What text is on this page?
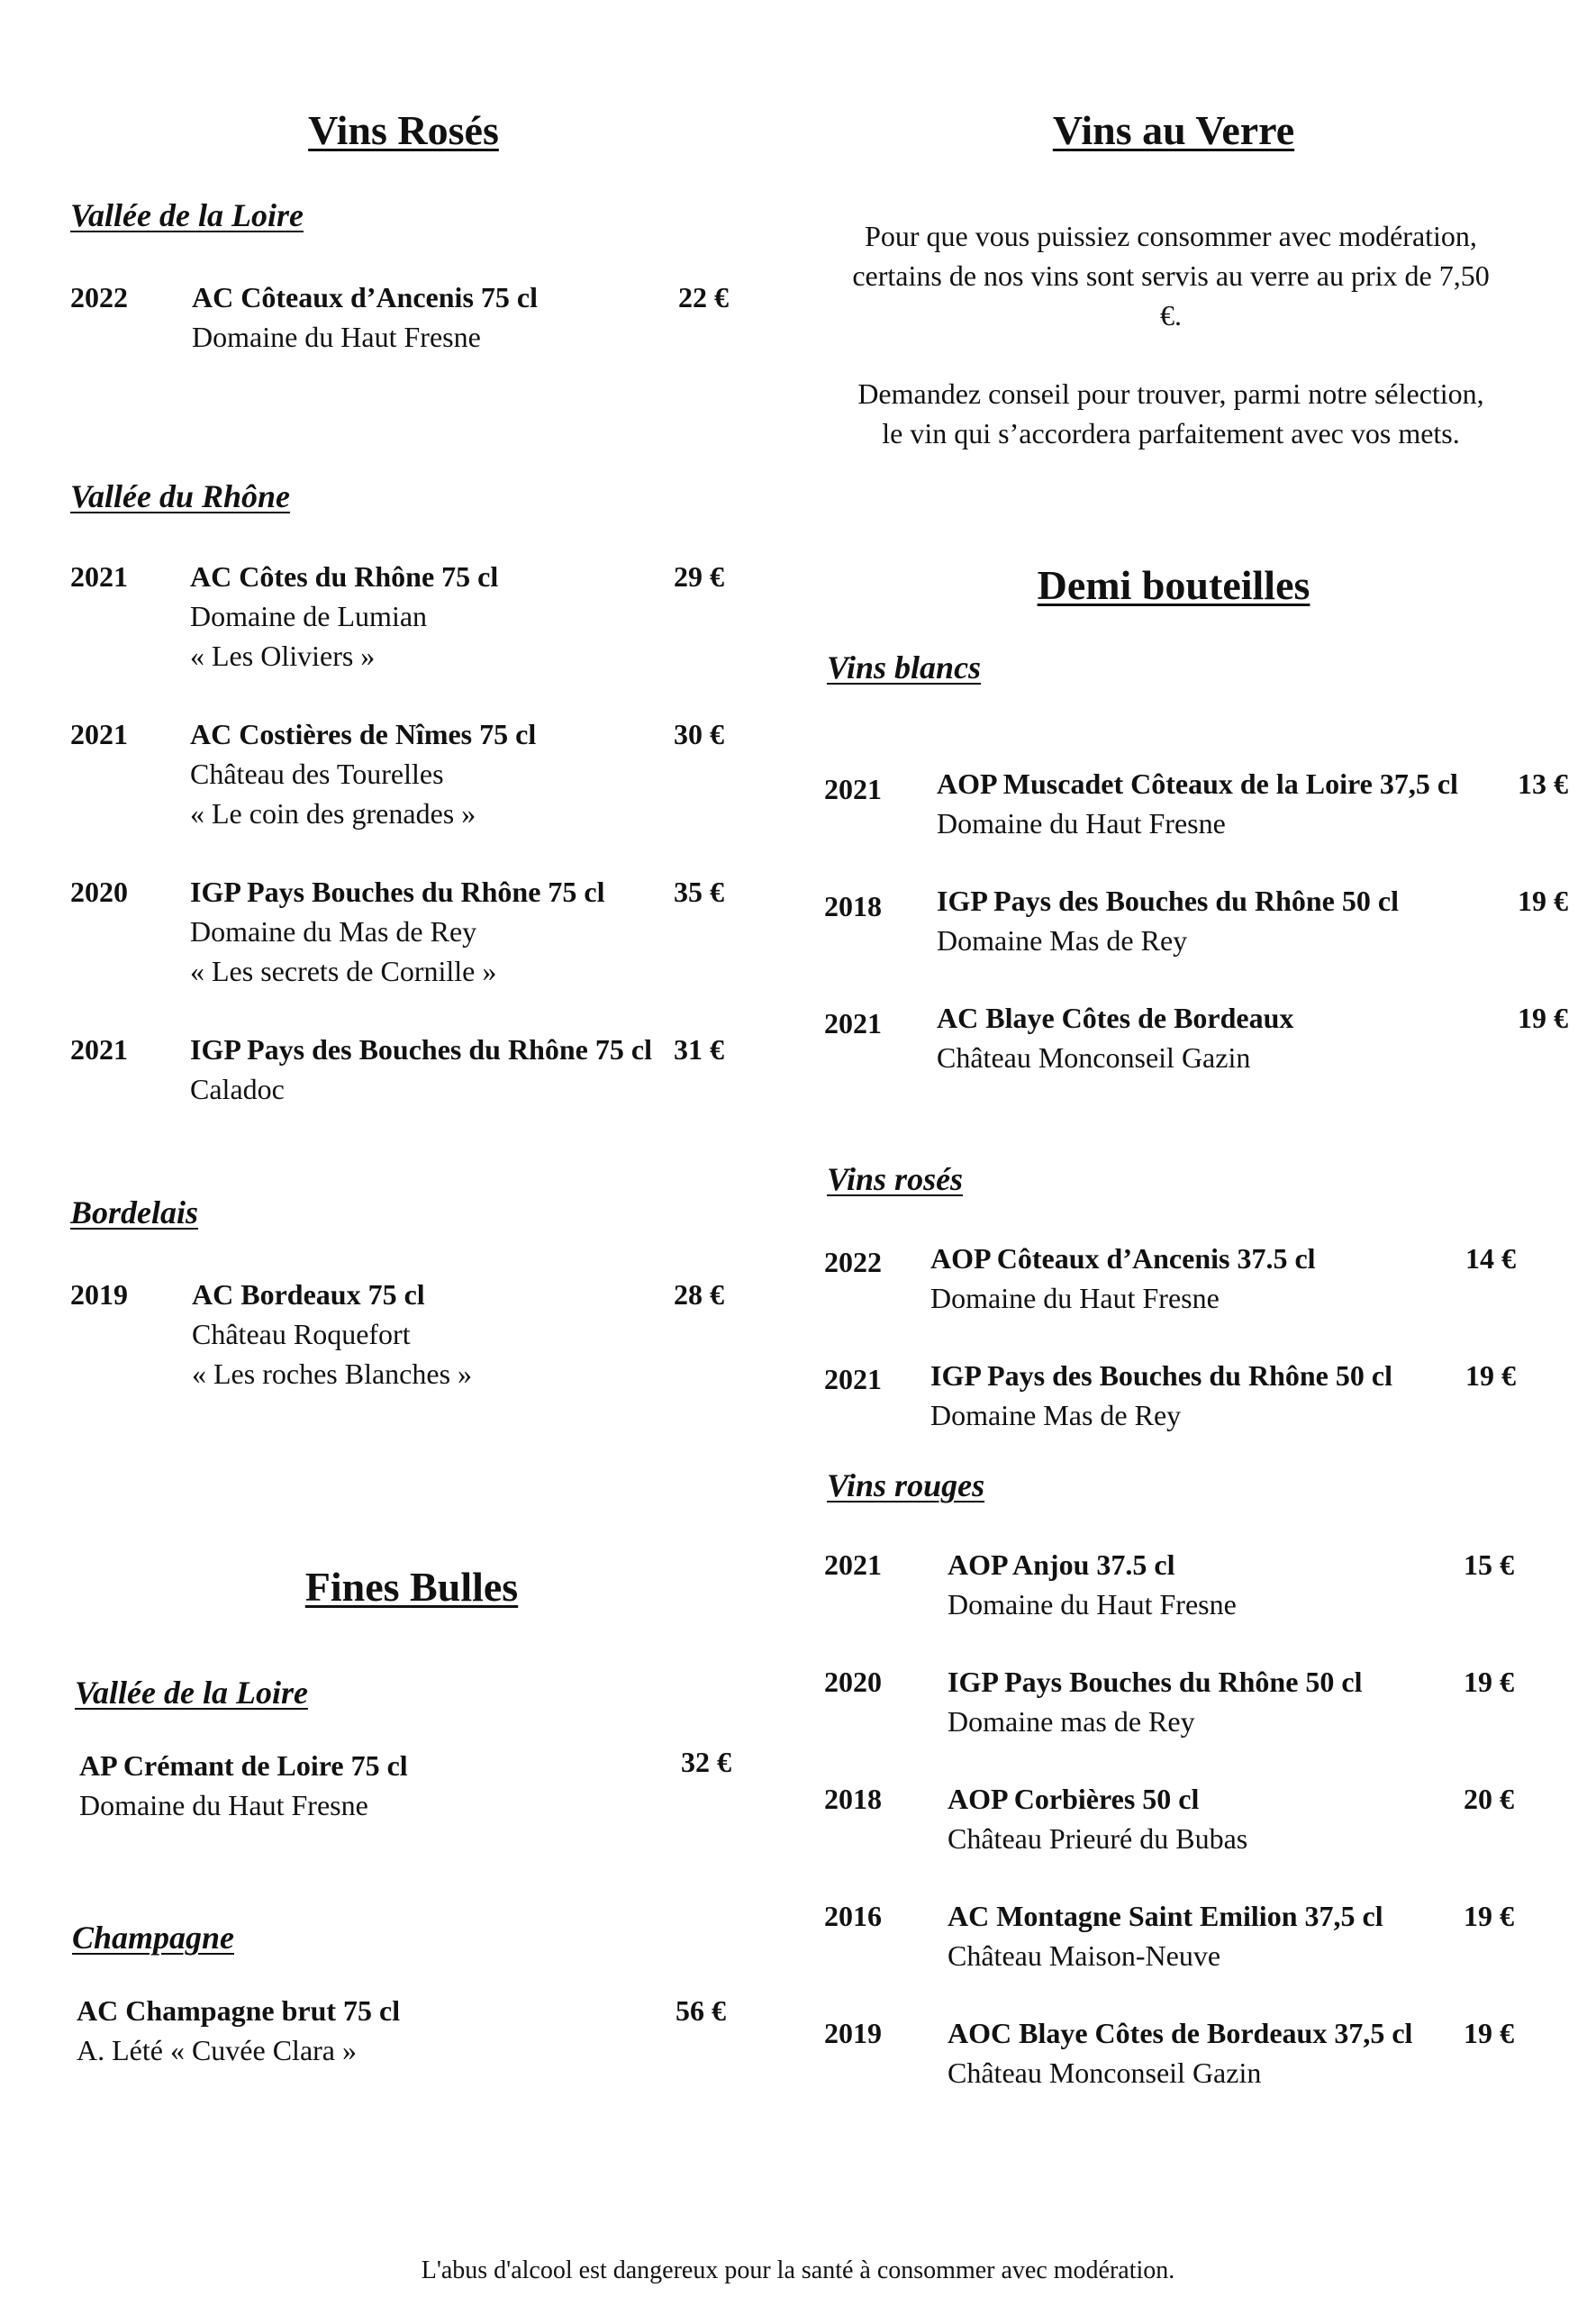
Vins Rosés
Vallée de la Loire
2022 AC Côteaux d’Ancenis 75 cl
Domaine du Haut Fresne
22 €
Vallée du Rhône
2021 AC Côtes du Rhône 75 cl
Domaine de Lumian
« Les Oliviers »
29 €
2021 AC Costières de Nîmes 75 cl
Château des Tourelles
« Le coin des grenades »
30 €
2020 IGP Pays Bouches du Rhône 75 cl
Domaine du Mas de Rey
« Les secrets de Cornille »
35 €
2021 IGP Pays des Bouches du Rhône 75 cl
Caladoc
31 €
Bordelais
2019 AC Bordeaux 75 cl
Château Roquefort
« Les roches Blanches »
28 €
Fines Bulles
Vallée de la Loire
AP Crémant de Loire 75 cl
Domaine du Haut Fresne
32 €
Champagne
AC Champagne brut 75 cl
A. Lété « Cuvée Clara »
56 €
Vins au Verre
Pour que vous puissiez consommer avec modération, certains de nos vins sont servis au verre au prix de 7,50 €.
Demandez conseil pour trouver, parmi notre sélection, le vin qui s’accordera parfaitement avec vos mets.
Demi bouteilles
Vins blancs
2021 AOP Muscadet Côteaux de la Loire 37,5 cl
Domaine du Haut Fresne
13 €
2018 IGP Pays des Bouches du Rhône 50 cl
Domaine Mas de Rey
19 €
2021 AC Blaye Côtes de Bordeaux
Château Monconseil Gazin
19 €
Vins rosés
2022 AOP Côteaux d’Ancenis 37.5 cl
Domaine du Haut Fresne
14 €
2021 IGP Pays des Bouches du Rhône 50 cl
Domaine Mas de Rey
19 €
Vins rouges
2021 AOP Anjou 37.5 cl
Domaine du Haut Fresne
15 €
2020 IGP Pays Bouches du Rhône 50 cl
Domaine mas de Rey
19 €
2018 AOP Corbières 50 cl
Château Prieuré du Bubas
20 €
2016 AC Montagne Saint Emilion 37,5 cl
Château Maison-Neuve
19 €
2019 AOC Blaye Côtes de Bordeaux 37,5 cl
Château Monconseil Gazin
19 €
L'abus d'alcool est dangereux pour la santé à consommer avec modération.
